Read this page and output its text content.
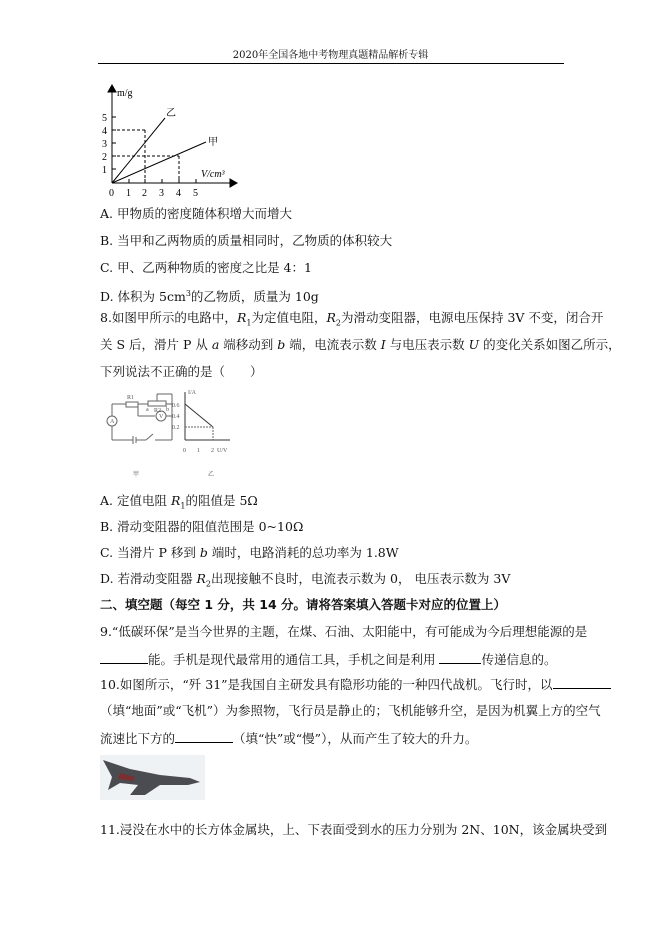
2020年全国各地中考物理真题精品解析专辑
m/g
V/cm³
乙
甲
0 1 2 3 4 5
1
2
3
4
5
A. 甲物质的密度随体积增大而增大
B. 当甲和乙两物质的质量相同时，乙物质的体积较大
C. 甲、乙两种物质的密度之比是 4：1
D. 体积为 $5cm^3$的乙物质，质量为 10g
8.如图甲所示的电路中，$R_1$为定值电阻，$R_2$为滑动变阻器，电源电压保持 3V 不变，闭合开
关 S 后，滑片 P 从 a 端移动到 b 端，电流表示数 I 与电压表示数 U 的变化关系如图乙所示，
下列说法不正确的是（　　）
R1
R2
a	b
A
V
I/A
0.6
0.4
0.2
0 1 2 U/V
甲	乙
A. 定值电阻 $R_1$的阻值是 5Ω
B. 滑动变阻器的阻值范围是 0~10Ω
C. 当滑片 P 移到 b 端时，电路消耗的总功率为 1.8W
D. 若滑动变阻器 $R_2$出现接触不良时，电流表示数为 0， 电压表示数为 3V
二、填空题（每空 1 分，共 14 分。请将答案填入答题卡对应的位置上）
9.“低碳环保”是当今世界的主题，在煤、石油、太阳能中，有可能成为今后理想能源的是
能。手机是现代最常用的通信工具，手机之间是利用	传递信息的。
10.如图所示，“歼 31”是我国自主研发具有隐形功能的一种四代战机。飞行时，以
（填“地面”或“飞机”）为参照物，飞行员是静止的；飞机能够升空，是因为机翼上方的空气
流速比下方的	（填“快”或“慢”），从而产生了较大的升力。
11.浸没在水中的长方体金属块，上、下表面受到水的压力分别为 2N、10N，该金属块受到
